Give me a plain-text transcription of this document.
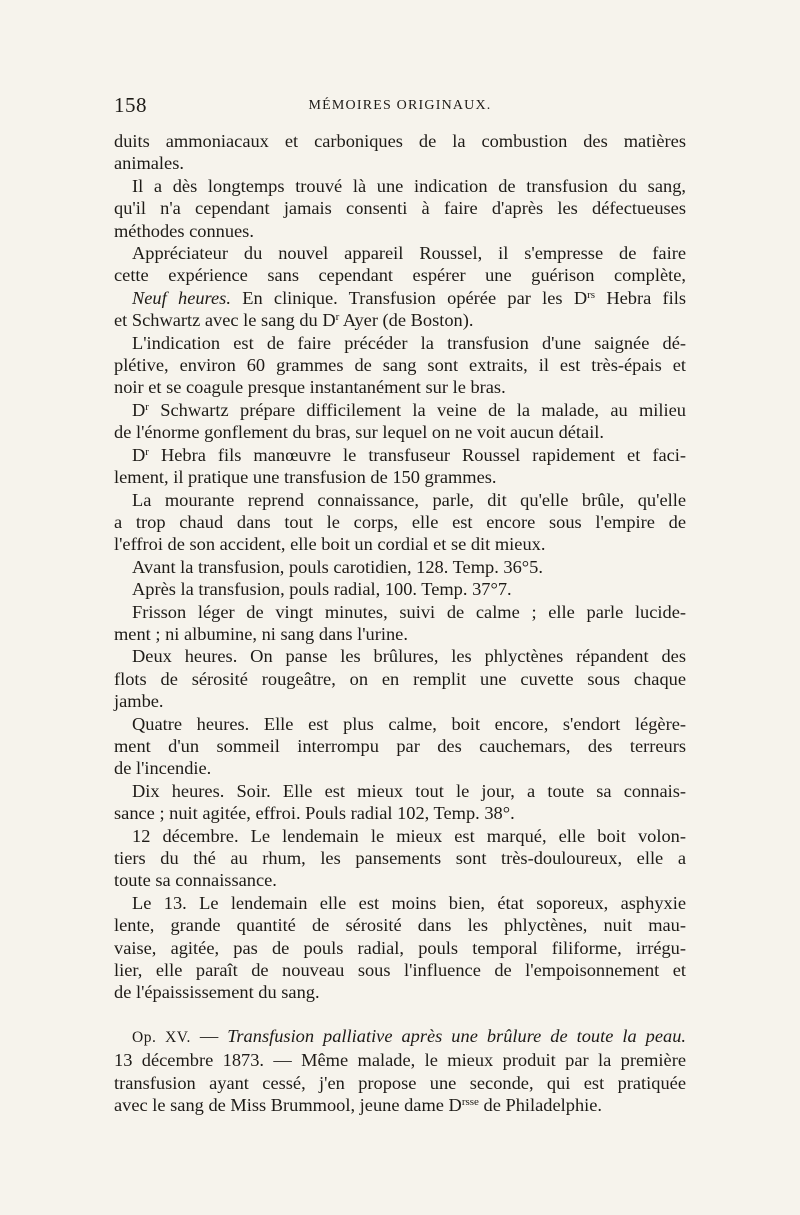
158	MÉMOIRES ORIGINAUX.

duits ammoniacaux et carboniques de la combustion des matières

animales.

Il a dès longtemps trouvé là une indication de transfusion du sang,

qu'il n'a cependant jamais consenti à faire d'après les défectueuses

méthodes connues.

Appréciateur du nouvel appareil Roussel, il s'empresse de faire

cette expérience sans cependant espérer une guérison complète,

Neuf heures. En clinique. Transfusion opérée par les $D^{rs}$ Hebra fils

et Schwartz avec le sang du $D^r$ Ayer (de Boston).

L'indication est de faire précéder la transfusion d'une saignée dé-

plétive, environ 60 grammes de sang sont extraits, il est très-épais et

noir et se coagule presque instantanément sur le bras.

$D^r$ Schwartz prépare difficilement la veine de la malade, au milieu

de l'énorme gonflement du bras, sur lequel on ne voit aucun détail.

$D^r$ Hebra fils manœuvre le transfuseur Roussel rapidement et faci-

lement, il pratique une transfusion de 150 grammes.

La mourante reprend connaissance, parle, dit qu'elle brûle, qu'elle

a trop chaud dans tout le corps, elle est encore sous l'empire de

l'effroi de son accident, elle boit un cordial et se dit mieux.

Avant la transfusion, pouls carotidien, 128. Temp. 36°5.

Après la transfusion, pouls radial, 100. Temp. 37°7.

Frisson léger de vingt minutes, suivi de calme ; elle parle lucide-

ment ; ni albumine, ni sang dans l'urine.

Deux heures. On panse les brûlures, les phlyctènes répandent des

flots de sérosité rougeâtre, on en remplit une cuvette sous chaque

jambe.

Quatre heures. Elle est plus calme, boit encore, s'endort légère-

ment d'un sommeil interrompu par des cauchemars, des terreurs

de l'incendie.

Dix heures. Soir. Elle est mieux tout le jour, a toute sa connais-

sance ; nuit agitée, effroi. Pouls radial 102, Temp. 38°.

12 décembre. Le lendemain le mieux est marqué, elle boit volon-

tiers du thé au rhum, les pansements sont très-douloureux, elle a

toute sa connaissance.

Le 13. Le lendemain elle est moins bien, état soporeux, asphyxie

lente, grande quantité de sérosité dans les phlyctènes, nuit mau-

vaise, agitée, pas de pouls radial, pouls temporal filiforme, irrégu-

lier, elle paraît de nouveau sous l'influence de l'empoisonnement et

de l'épaississement du sang.

Op. XV. — Transfusion palliative après une brûlure de toute la peau.

13 décembre 1873. — Même malade, le mieux produit par la première

transfusion ayant cessé, j'en propose une seconde, qui est pratiquée

avec le sang de Miss Brummool, jeune dame $D^{rsse}$ de Philadelphie.
